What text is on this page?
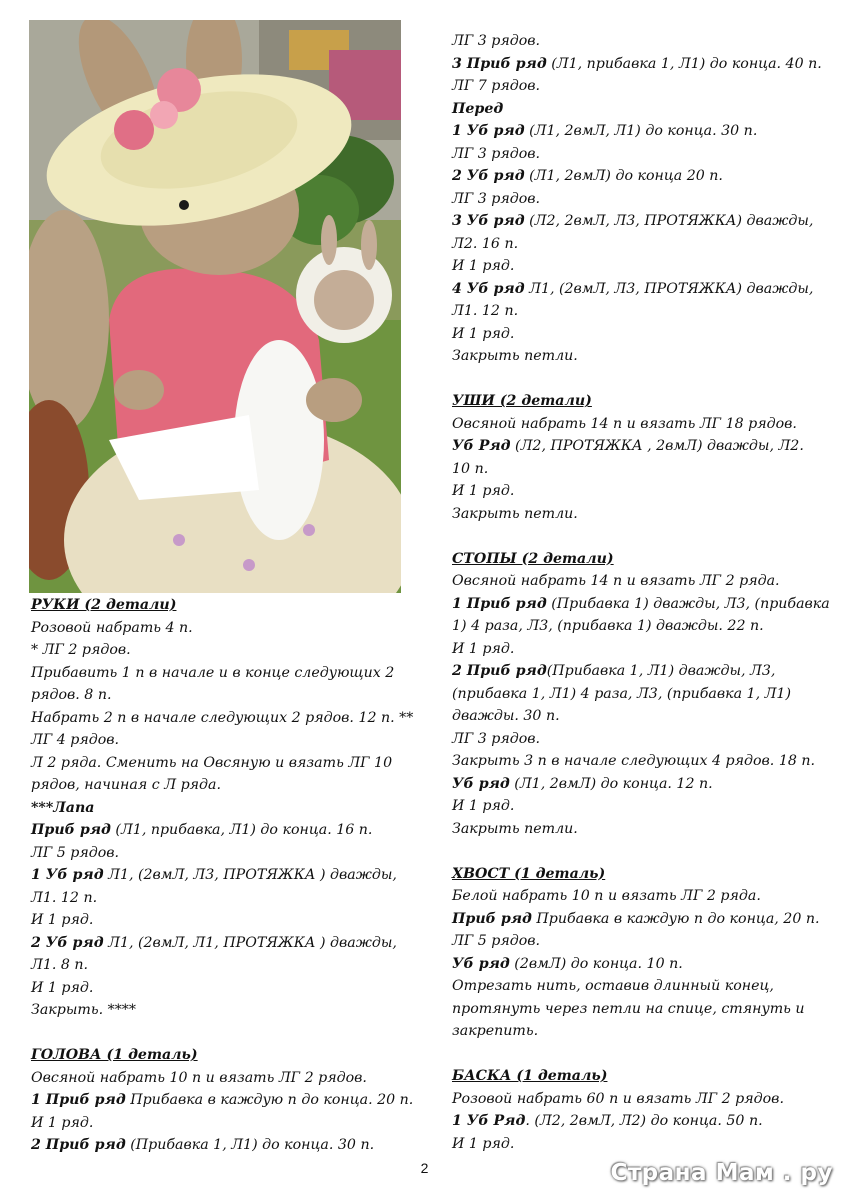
РУКИ (2 детали)
Розовой набрать 4 п.
* ЛГ 2 рядов.
Прибавить 1 п в начале и в конце следующих 2
рядов. 8 п.
Набрать 2 п в начале следующих 2 рядов. 12 п. **
ЛГ 4 рядов.
Л 2 ряда. Сменить на Овсяную и вязать ЛГ 10
рядов, начиная с Л ряда.
***Лапа
Приб ряд (Л1, прибавка, Л1) до конца. 16 п.
ЛГ 5 рядов.
1 Уб ряд Л1, (2вмЛ, Л3, ПРОТЯЖКА ) дважды,
Л1. 12 п.
И 1 ряд.
2 Уб ряд Л1, (2вмЛ, Л1, ПРОТЯЖКА ) дважды,
Л1. 8 п.
И 1 ряд.
Закрыть. ****
ГОЛОВА (1 деталь)
Овсяной набрать 10 п и вязать ЛГ 2 рядов.
1 Приб ряд Прибавка в каждую п до конца. 20 п.
И 1 ряд.
2 Приб ряд (Прибавка 1, Л1) до конца. 30 п.
ЛГ 3 рядов.
3 Приб ряд (Л1, прибавка 1, Л1) до конца. 40 п.
ЛГ 7 рядов.
Перед
1 Уб ряд (Л1, 2вмЛ, Л1) до конца. 30 п.
ЛГ 3 рядов.
2 Уб ряд (Л1, 2вмЛ) до конца 20 п.
ЛГ 3 рядов.
3 Уб ряд (Л2, 2вмЛ, Л3, ПРОТЯЖКА) дважды,
Л2. 16 п.
И 1 ряд.
4 Уб ряд Л1, (2вмЛ, Л3, ПРОТЯЖКА) дважды,
Л1. 12 п.
И 1 ряд.
Закрыть петли.
УШИ (2 детали)
Овсяной набрать 14 п и вязать ЛГ 18 рядов.
Уб Ряд (Л2, ПРОТЯЖКА , 2вмЛ) дважды, Л2.
10 п.
И 1 ряд.
Закрыть петли.
СТОПЫ (2 детали)
Овсяной набрать 14 п и вязать ЛГ 2 ряда.
1 Приб ряд (Прибавка 1) дважды, Л3, (прибавка
1) 4 раза, Л3, (прибавка 1) дважды. 22 п.
И 1 ряд.
2 Приб ряд(Прибавка 1, Л1) дважды, Л3,
(прибавка 1, Л1) 4 раза, Л3, (прибавка 1, Л1)
дважды. 30 п.
ЛГ 3 рядов.
Закрыть 3 п в начале следующих 4 рядов. 18 п.
Уб ряд (Л1, 2вмЛ) до конца. 12 п.
И 1 ряд.
Закрыть петли.
ХВОСТ (1 деталь)
Белой набрать 10 п и вязать ЛГ 2 ряда.
Приб ряд Прибавка в каждую п до конца, 20 п.
ЛГ 5 рядов.
Уб ряд (2вмЛ) до конца. 10 п.
Отрезать нить, оставив длинный конец,
протянуть через петли на спице, стянуть и
закрепить.
БАСКА (1 деталь)
Розовой набрать 60 п и вязать ЛГ 2 рядов.
1 Уб Ряд. (Л2, 2вмЛ, Л2) до конца. 50 п.
И 1 ряд.
2	Страна Мам . ру
